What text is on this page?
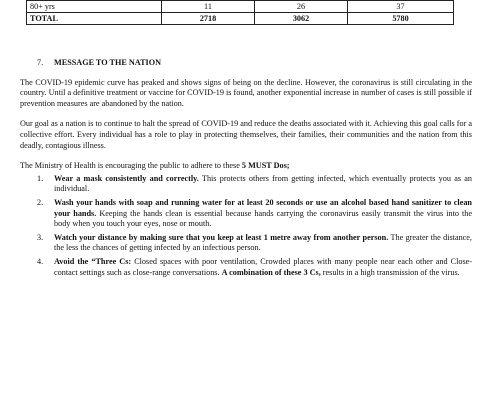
80+ yrs	11	26	37
TOTAL	2718	3062	5780
7. MESSAGE TO THE NATION

The COVID-19 epidemic curve has peaked and shows signs of being on the decline. However, the coronavirus is still circulating in the country. Until a definitive treatment or vaccine for COVID-19 is found, another exponential increase in number of cases is still possible if prevention measures are abandoned by the nation.

Our goal as a nation is to continue to halt the spread of COVID-19 and reduce the deaths associated with it. Achieving this goal calls for a collective effort. Every individual has a role to play in protecting themselves, their families, their communities and the nation from this deadly, contagious illness.

The Ministry of Health is encouraging the public to adhere to these 5 MUST Dos;

1. Wear a mask consistently and correctly. This protects others from getting infected, which eventually protects you as an individual.
2. Wash your hands with soap and running water for at least 20 seconds or use an alcohol based hand sanitizer to clean your hands. Keeping the hands clean is essential because hands carrying the coronavirus easily transmit the virus into the body when you touch your eyes, nose or mouth.
3. Watch your distance by making sure that you keep at least 1 metre away from another person. The greater the distance, the less the chances of getting infected by an infectious person.
4. Avoid the “Three Cs: Closed spaces with poor ventilation, Crowded places with many people near each other and Close-contact settings such as close-range conversations. A combination of these 3 Cs, results in a high transmission of the virus.
